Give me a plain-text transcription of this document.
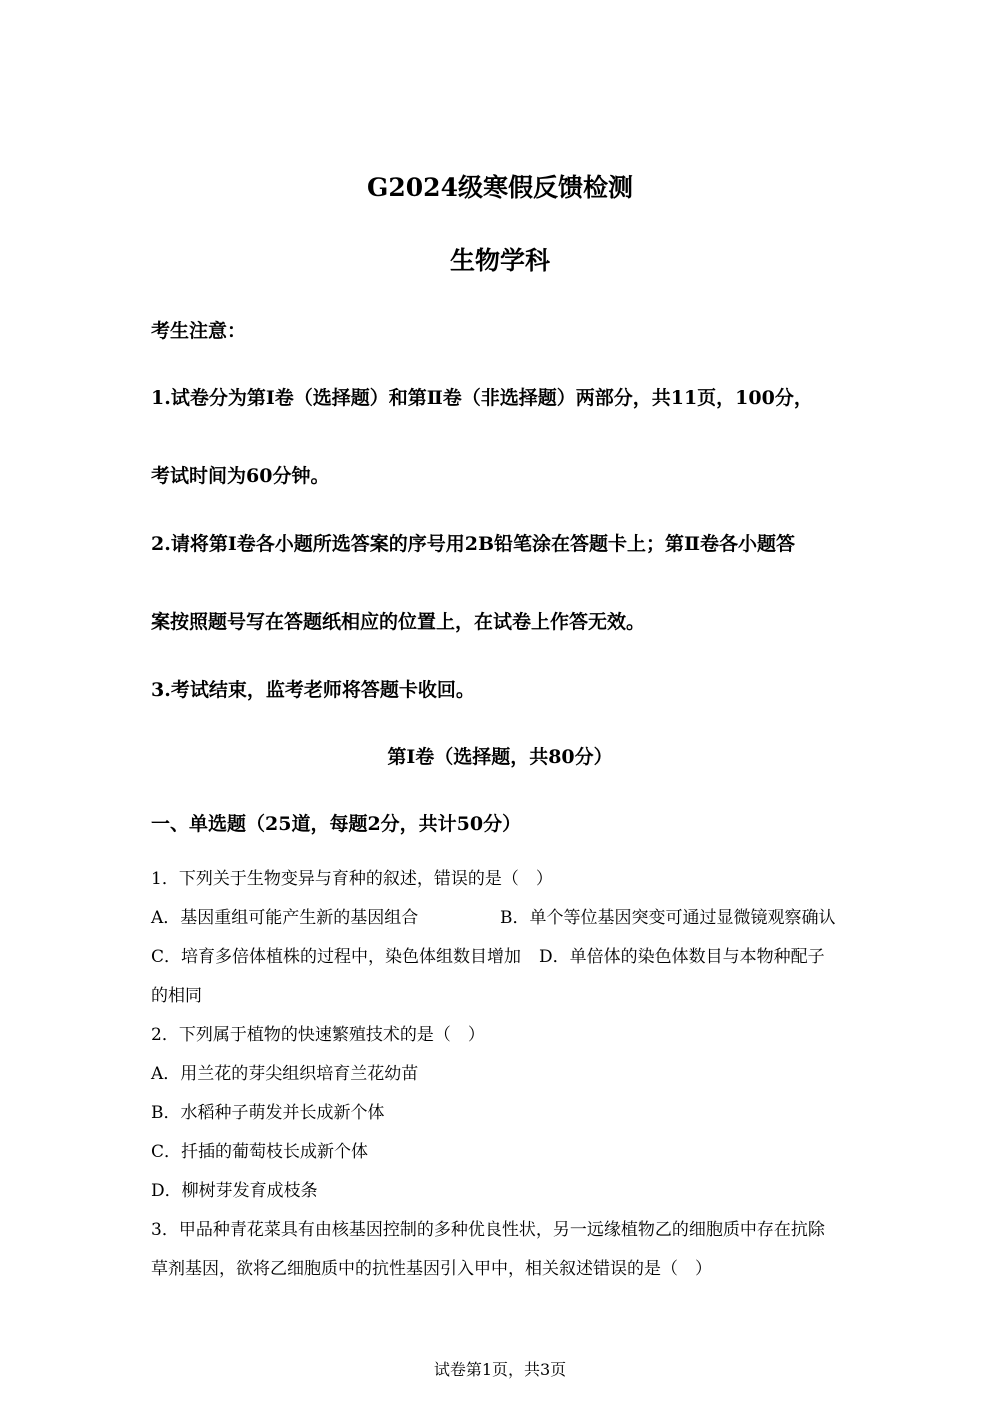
G2024级寒假反馈检测
生物学科
考生注意：
1.试卷分为第Ⅰ卷（选择题）和第Ⅱ卷（非选择题）两部分，共11页，100分，
考试时间为60分钟。
2.请将第Ⅰ卷各小题所选答案的序号用2B铅笔涂在答题卡上；第Ⅱ卷各小题答
案按照题号写在答题纸相应的位置上，在试卷上作答无效。
3.考试结束，监考老师将答题卡收回。
第Ⅰ卷（选择题，共80分）
一、单选题（25道，每题2分，共计50分）
1．下列关于生物变异与育种的叙述，错误的是（　）
A．基因重组可能产生新的基因组合	B．单个等位基因突变可通过显微镜观察确认
C．培育多倍体植株的过程中，染色体组数目增加 D．单倍体的染色体数目与本物种配子
的相同
2．下列属于植物的快速繁殖技术的是（　）
A．用兰花的芽尖组织培育兰花幼苗
B．水稻种子萌发并长成新个体
C．扦插的葡萄枝长成新个体
D．柳树芽发育成枝条
3．甲品种青花菜具有由核基因控制的多种优良性状，另一远缘植物乙的细胞质中存在抗除
草剂基因，欲将乙细胞质中的抗性基因引入甲中，相关叙述错误的是（　）
试卷第1页，共3页
